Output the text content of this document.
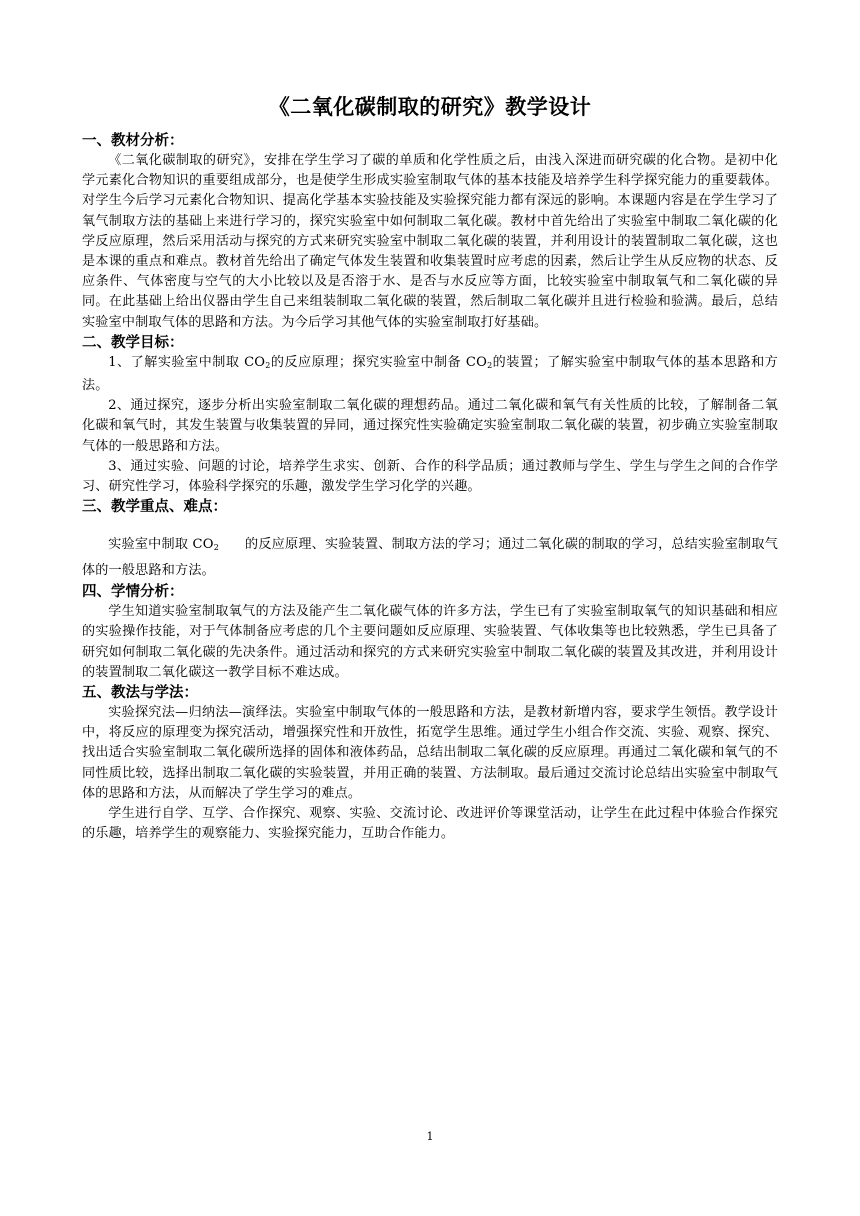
《二氧化碳制取的研究》教学设计

一、教材分析：

《二氧化碳制取的研究》，安排在学生学习了碳的单质和化学性质之后，由浅入深进而研究碳的化合物。是初中化学元素化合物知识的重要组成部分，也是使学生形成实验室制取气体的基本技能及培养学生科学探究能力的重要载体。对学生今后学习元素化合物知识、提高化学基本实验技能及实验探究能力都有深远的影响。本课题内容是在学生学习了氧气制取方法的基础上来进行学习的，探究实验室中如何制取二氧化碳。教材中首先给出了实验室中制取二氧化碳的化学反应原理，然后采用活动与探究的方式来研究实验室中制取二氧化碳的装置，并利用设计的装置制取二氧化碳，这也是本课的重点和难点。教材首先给出了确定气体发生装置和收集装置时应考虑的因素，然后让学生从反应物的状态、反应条件、气体密度与空气的大小比较以及是否溶于水、是否与水反应等方面，比较实验室中制取氧气和二氧化碳的异同。在此基础上给出仪器由学生自己来组装制取二氧化碳的装置，然后制取二氧化碳并且进行检验和验满。最后，总结实验室中制取气体的思路和方法。为今后学习其他气体的实验室制取打好基础。

二、教学目标：

1、了解实验室中制取 $CO_2$的反应原理；探究实验室中制备 $CO_2$的装置；了解实验室中制取气体的基本思路和方法。

2、通过探究，逐步分析出实验室制取二氧化碳的理想药品。通过二氧化碳和氧气有关性质的比较，了解制备二氧化碳和氧气时，其发生装置与收集装置的异同，通过探究性实验确定实验室制取二氧化碳的装置，初步确立实验室制取气体的一般思路和方法。

3、通过实验、问题的讨论，培养学生求实、创新、合作的科学品质；通过教师与学生、学生与学生之间的合作学习、研究性学习，体验科学探究的乐趣，激发学生学习化学的兴趣。

三、教学重点、难点：

实验室中制取 $CO_2$ 的反应原理、实验装置、制取方法的学习；通过二氧化碳的制取的学习，总结实验室制取气体的一般思路和方法。

四、学情分析：

学生知道实验室制取氧气的方法及能产生二氧化碳气体的许多方法，学生已有了实验室制取氧气的知识基础和相应的实验操作技能，对于气体制备应考虑的几个主要问题如反应原理、实验装置、气体收集等也比较熟悉，学生已具备了研究如何制取二氧化碳的先决条件。通过活动和探究的方式来研究实验室中制取二氧化碳的装置及其改进，并利用设计的装置制取二氧化碳这一教学目标不难达成。

五、教法与学法：

实验探究法—归纳法—演绎法。实验室中制取气体的一般思路和方法，是教材新增内容，要求学生领悟。教学设计中，将反应的原理变为探究活动，增强探究性和开放性，拓宽学生思维。通过学生小组合作交流、实验、观察、探究、找出适合实验室制取二氧化碳所选择的固体和液体药品，总结出制取二氧化碳的反应原理。再通过二氧化碳和氧气的不同性质比较，选择出制取二氧化碳的实验装置，并用正确的装置、方法制取。最后通过交流讨论总结出实验室中制取气体的思路和方法，从而解决了学生学习的难点。

学生进行自学、互学、合作探究、观察、实验、交流讨论、改进评价等课堂活动，让学生在此过程中体验合作探究的乐趣，培养学生的观察能力、实验探究能力，互助合作能力。

1
